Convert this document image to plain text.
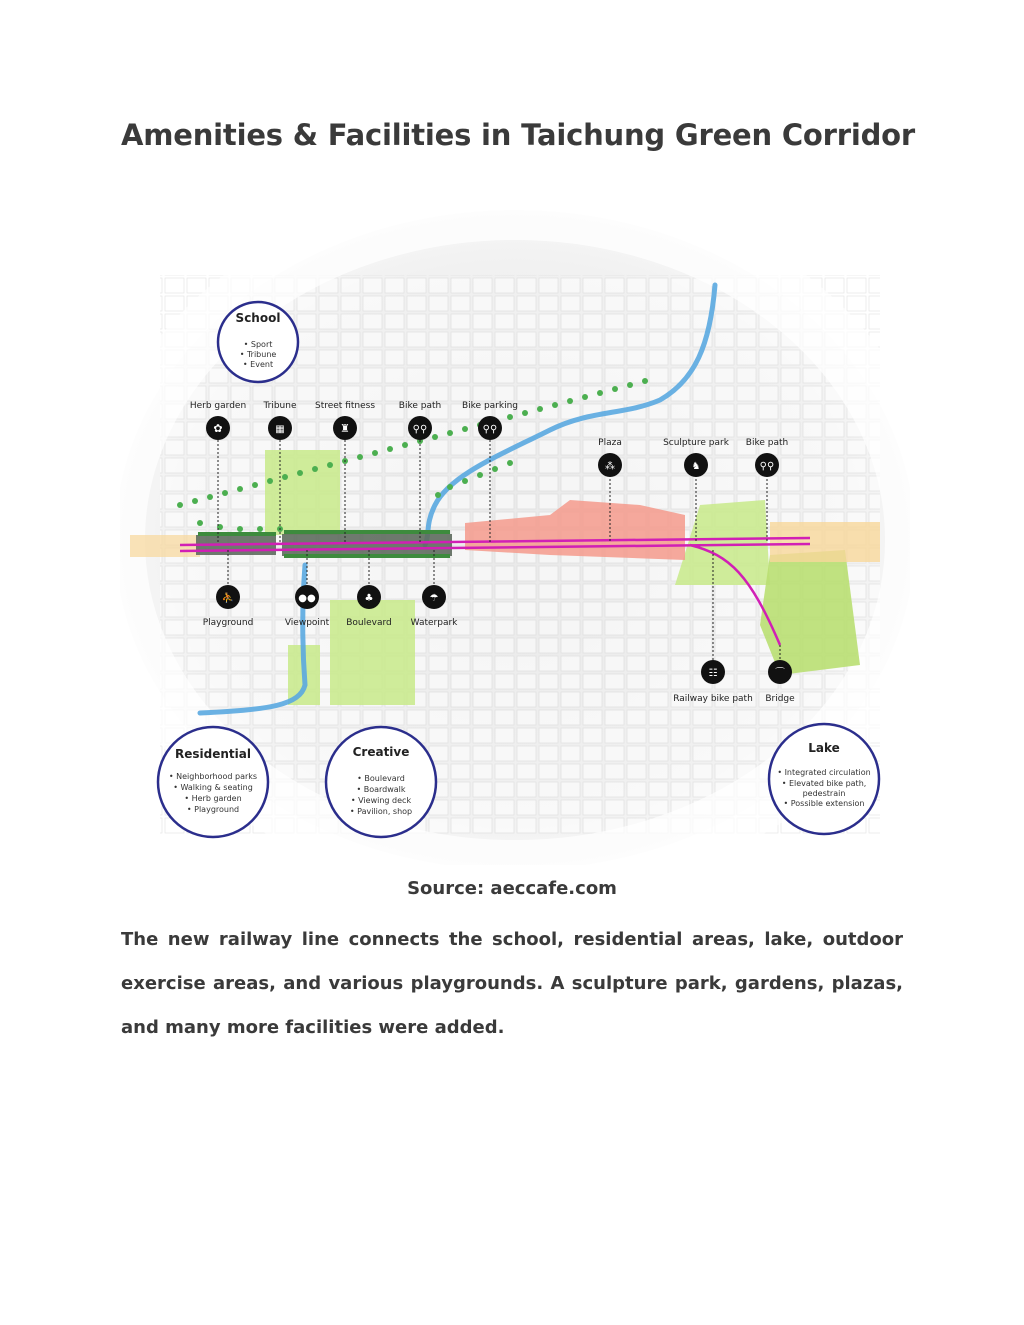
Amenities & Facilities in Taichung Green Corridor
School
• Sport
• Tribune
• Event
Residential
• Neighborhood parks
• Walking & seating
• Herb garden
• Playground
Creative
• Boulevard
• Boardwalk
• Viewing deck
• Pavilion, shop
Lake
• Integrated circulation
• Elevated bike path,
pedestrain
• Possible extension
Herb garden
✿
Tribune
▦
Street fitness
♜
Bike path
⚲⚲
Bike parking
⚲⚲
Plaza
⁂
Sculpture park
♞
Bike path
⚲⚲
⛹
Playground
●●
Viewpoint
♣
Boulevard
☂
Waterpark
☷
Railway bike path
⌒
Bridge
Source: aeccafe.com

The new railway line connects the school, residential areas, lake, outdoor exercise areas, and various playgrounds. A sculpture park, gardens, plazas, and many more facilities were added.
